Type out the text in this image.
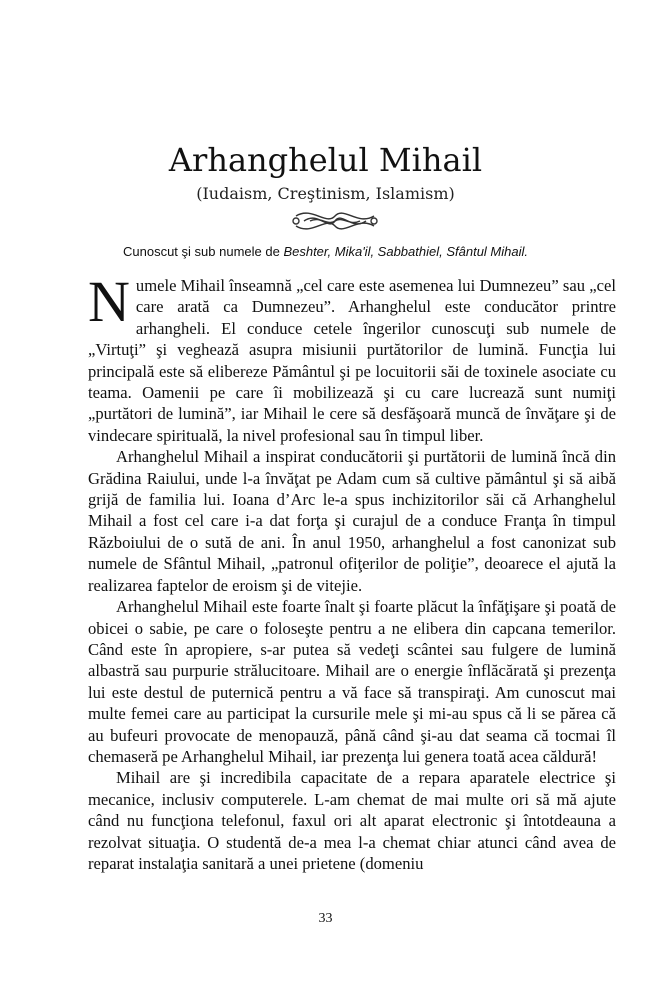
Arhanghelul Mihail
(Iudaism, Creştinism, Islamism)
Cunoscut şi sub numele de Beshter, Mika'il, Sabbathiel, Sfântul Mihail.

Numele Mihail înseamnă „cel care este asemenea lui Dumnezeu” sau „cel care arată ca Dumnezeu”. Arhanghelul este conducător printre arhangheli. El conduce cetele îngerilor cunoscuţi sub numele de „Virtuţi” şi veghează asupra misiunii purtătorilor de lumină. Funcţia lui principală este să elibereze Pământul şi pe locuitorii săi de toxinele asociate cu teama. Oamenii pe care îi mobilizează şi cu care lucrează sunt numiţi „purtători de lumină”, iar Mihail le cere să desfăşoară muncă de învăţare şi de vindecare spirituală, la nivel profesional sau în timpul liber.

Arhanghelul Mihail a inspirat conducătorii şi purtătorii de lumină încă din Grădina Raiului, unde l-a învăţat pe Adam cum să cultive pământul şi să aibă grijă de familia lui. Ioana d’Arc le-a spus inchizitorilor săi că Arhanghelul Mihail a fost cel care i-a dat forţa şi curajul de a conduce Franţa în timpul Războiului de o sută de ani. În anul 1950, arhanghelul a fost canonizat sub numele de Sfântul Mihail, „patronul ofiţerilor de poliţie”, deoarece el ajută la realizarea faptelor de eroism şi de vitejie.

Arhanghelul Mihail este foarte înalt şi foarte plăcut la înfăţişare şi poată de obicei o sabie, pe care o foloseşte pentru a ne elibera din capcana temerilor. Când este în apropiere, s-ar putea să vedeţi scântei sau fulgere de lumină albastră sau purpurie strălucitoare. Mihail are o energie înflăcărată şi prezenţa lui este destul de puternică pentru a vă face să transpiraţi. Am cunoscut mai multe femei care au participat la cursurile mele şi mi-au spus că li se părea că au bufeuri provocate de menopauză, până când şi-au dat seama că tocmai îl chemaseră pe Arhanghelul Mihail, iar prezenţa lui genera toată acea căldură!

Mihail are şi incredibila capacitate de a repara aparatele electrice şi mecanice, inclusiv computerele. L-am chemat de mai multe ori să mă ajute când nu funcţiona telefonul, faxul ori alt aparat electronic şi întotdeauna a rezolvat situaţia. O studentă de-a mea l-a chemat chiar atunci când avea de reparat instalaţia sanitară a unei prietene (domeniu

33
